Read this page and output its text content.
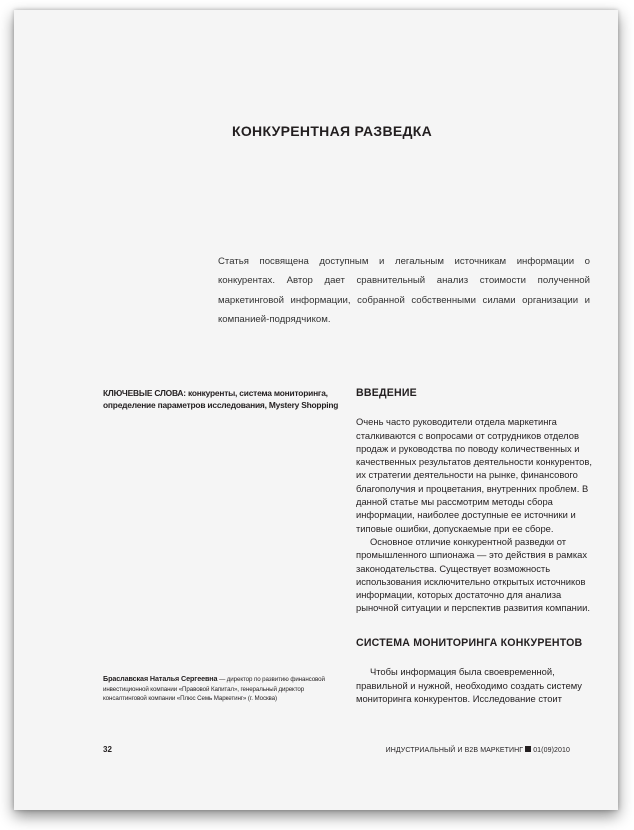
КОНКУРЕНТНАЯ РАЗВЕДКА

Статья посвящена доступным и легальным источникам информации о конкурентах. Автор дает сравнительный анализ стоимости полученной маркетинговой информации, собранной собственными силами организации и компанией-подрядчиком.

КЛЮЧЕВЫЕ СЛОВА: конкуренты, система мониторинга, определение параметров исследования, Mystery Shopping

Браславская Наталья Сергеевна — директор по развитию финансовой инвестиционной компании «Правовой Капитал», генеральный директор консалтинговой компании «Плюс Семь Маркетинг» (г. Москва)

ВВЕДЕНИЕ

Очень часто руководители отдела маркетинга сталкиваются с вопросами от сотрудников отделов продаж и руководства по поводу количественных и качественных результатов деятельности конкурентов, их стратегии деятельности на рынке, финансового благополучия и процветания, внутренних проблем. В данной статье мы рассмотрим методы сбора информации, наиболее доступные ее источники и типовые ошибки, допускаемые при ее сборе.

Основное отличие конкурентной разведки от промышленного шпионажа — это действия в рамках законодательства. Существует возможность использования исключительно открытых источников информации, которых достаточно для анализа рыночной ситуации и перспектив развития компании.

СИСТЕМА МОНИТОРИНГА КОНКУРЕНТОВ

Чтобы информация была своевременной, правильной и нужной, необходимо создать систему мониторинга конкурентов. Исследование стоит

32	ИНДУСТРИАЛЬНЫЙ И B2B МАРКЕТИНГ 01(09)2010
